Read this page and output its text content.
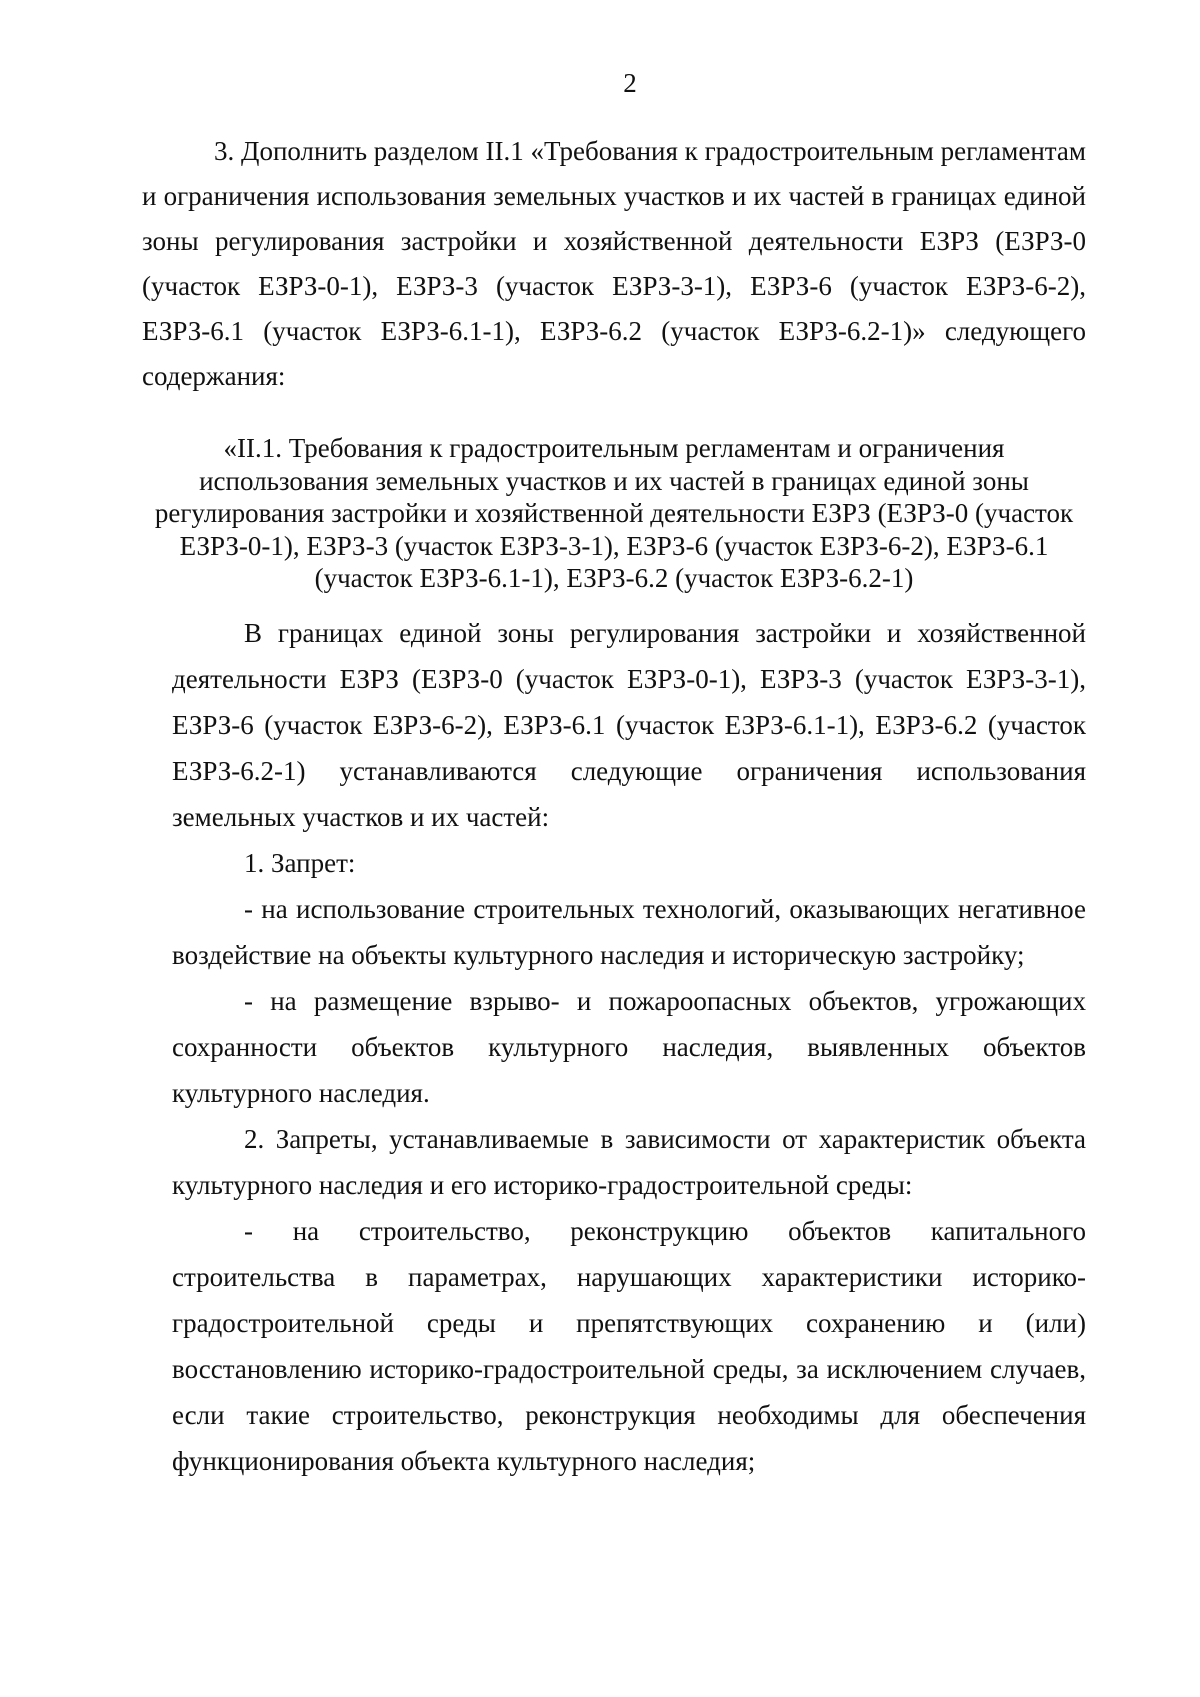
2

3. Дополнить разделом II.1 «Требования к градостроительным регламентам и ограничения использования земельных участков и их частей в границах единой зоны регулирования застройки и хозяйственной деятельности ЕЗРЗ (ЕЗРЗ-0 (участок ЕЗРЗ-0-1), ЕЗРЗ-3 (участок ЕЗРЗ-3-1), ЕЗРЗ-6 (участок ЕЗРЗ-6-2), ЕЗРЗ-6.1 (участок ЕЗРЗ-6.1-1), ЕЗРЗ-6.2 (участок ЕЗРЗ-6.2-1)» следующего содержания:

«II.1. Требования к градостроительным регламентам и ограничения использования земельных участков и их частей в границах единой зоны регулирования застройки и хозяйственной деятельности ЕЗРЗ (ЕЗРЗ-0 (участок ЕЗРЗ-0-1), ЕЗРЗ-3 (участок ЕЗРЗ-3-1), ЕЗРЗ-6 (участок ЕЗРЗ-6-2), ЕЗРЗ-6.1 (участок ЕЗРЗ-6.1-1), ЕЗРЗ-6.2 (участок ЕЗРЗ-6.2-1)

В границах единой зоны регулирования застройки и хозяйственной деятельности ЕЗРЗ (ЕЗРЗ-0 (участок ЕЗРЗ-0-1), ЕЗРЗ-3 (участок ЕЗРЗ-3-1), ЕЗРЗ-6 (участок ЕЗРЗ-6-2), ЕЗРЗ-6.1 (участок ЕЗРЗ-6.1-1), ЕЗРЗ-6.2 (участок ЕЗРЗ-6.2-1) устанавливаются следующие ограничения использования земельных участков и их частей:

1. Запрет:

- на использование строительных технологий, оказывающих негативное воздействие на объекты культурного наследия и историческую застройку;

- на размещение взрыво- и пожароопасных объектов, угрожающих сохранности объектов культурного наследия, выявленных объектов культурного наследия.

2. Запреты, устанавливаемые в зависимости от характеристик объекта культурного наследия и его историко-градостроительной среды:

- на строительство, реконструкцию объектов капитального строительства в параметрах, нарушающих характеристики историко-градостроительной среды и препятствующих сохранению и (или) восстановлению историко-градостроительной среды, за исключением случаев, если такие строительство, реконструкция необходимы для обеспечения функционирования объекта культурного наследия;
